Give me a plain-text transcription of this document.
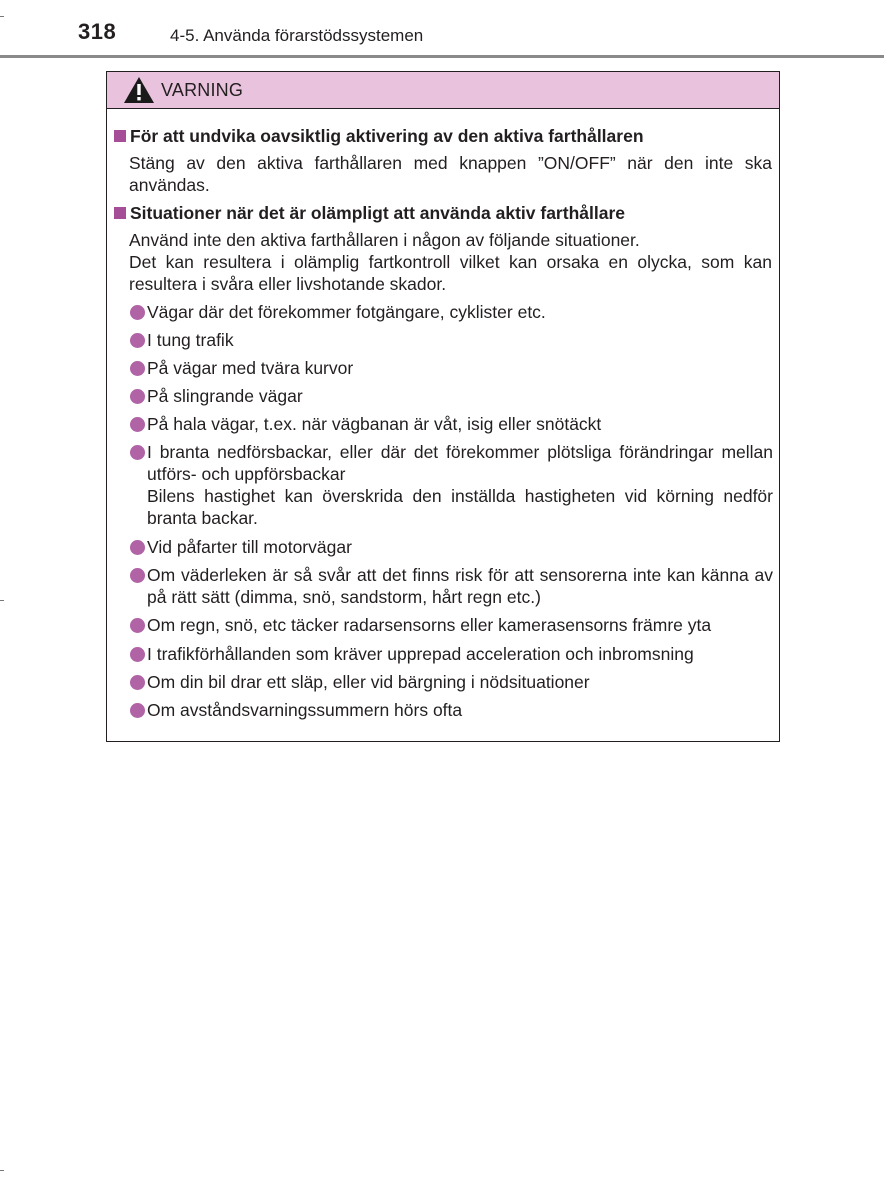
318	4-5. Använda förarstödssystemen
VARNING
För att undvika oavsiktlig aktivering av den aktiva farthållaren
Stäng av den aktiva farthållaren med knappen ”ON/OFF” när den inte ska användas.
Situationer när det är olämpligt att använda aktiv farthållare
Använd inte den aktiva farthållaren i någon av följande situationer.
Det kan resultera i olämplig fartkontroll vilket kan orsaka en olycka, som kan resultera i svåra eller livshotande skador.
Vägar där det förekommer fotgängare, cyklister etc.
I tung trafik
På vägar med tvära kurvor
På slingrande vägar
På hala vägar, t.ex. när vägbanan är våt, isig eller snötäckt
I branta nedförsbackar, eller där det förekommer plötsliga förändringar mellan utförs- och uppförsbackar
Bilens hastighet kan överskrida den inställda hastigheten vid körning nedför branta backar.
Vid påfarter till motorvägar
Om väderleken är så svår att det finns risk för att sensorerna inte kan känna av på rätt sätt (dimma, snö, sandstorm, hårt regn etc.)
Om regn, snö, etc täcker radarsensorns eller kamerasensorns främre yta
I trafikförhållanden som kräver upprepad acceleration och inbromsning
Om din bil drar ett släp, eller vid bärgning i nödsituationer
Om avståndsvarningssummern hörs ofta
